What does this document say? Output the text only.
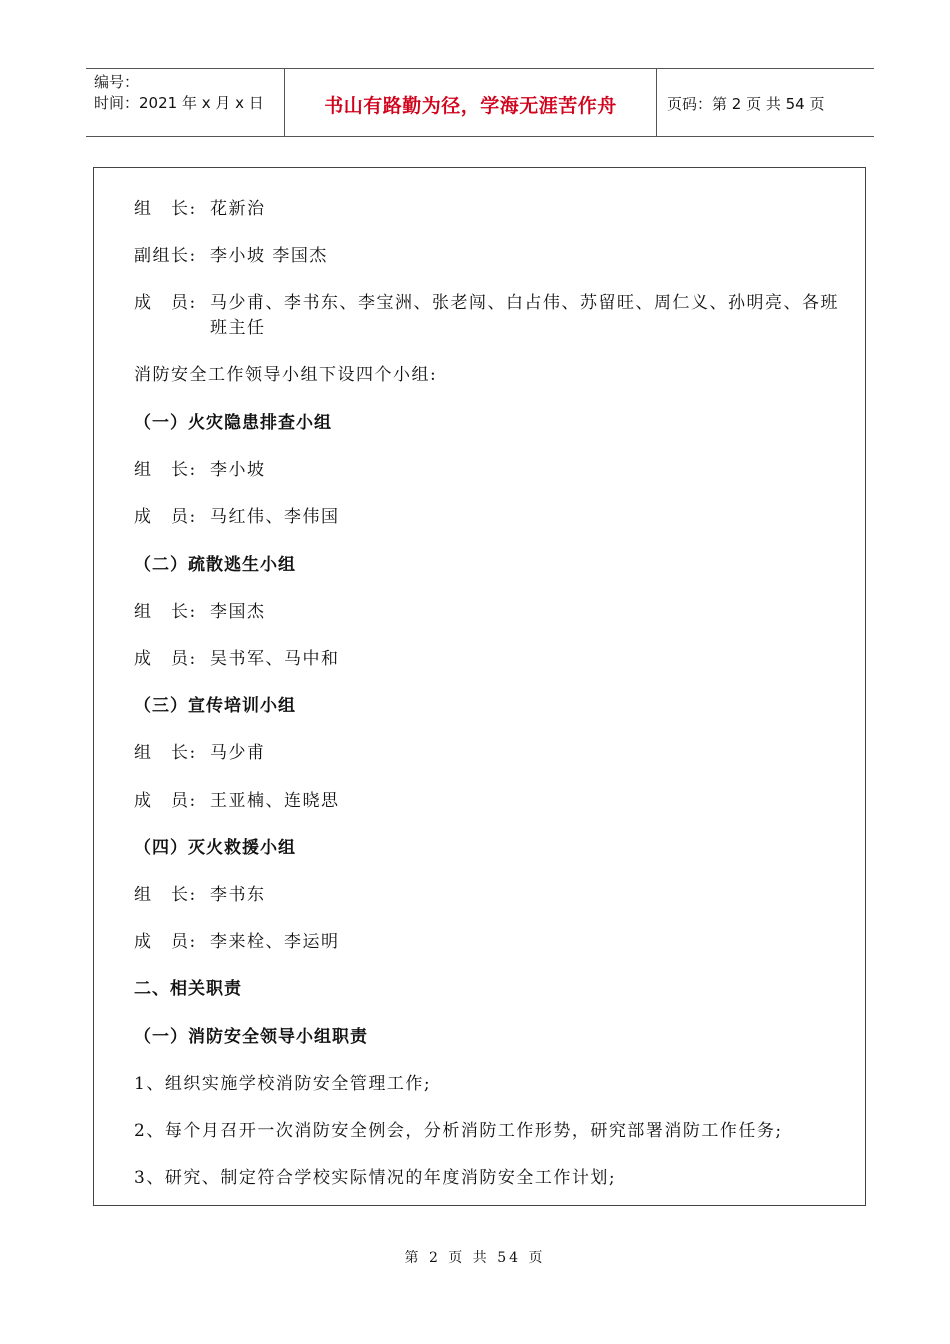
编号：
时间：2021 年 x 月 x 日	书山有路勤为径，学海无涯苦作舟	页码：第 2 页 共 54 页
组　长: 花新治
副组长: 李小坡 李国杰
成　员: 马少甫、李书东、李宝洲、张老闯、白占伟、苏留旺、周仁义、孙明亮、各班
班主任
消防安全工作领导小组下设四个小组:
（一）火灾隐患排查小组
组　长: 李小坡
成　员: 马红伟、李伟国
（二）疏散逃生小组
组　长: 李国杰
成　员: 吴书军、马中和
（三）宣传培训小组
组　长: 马少甫
成　员: 王亚楠、连晓思
（四）灭火救援小组
组　长: 李书东
成　员: 李来栓、李运明
二、相关职责
（一）消防安全领导小组职责
1、组织实施学校消防安全管理工作;
2、每个月召开一次消防安全例会，分析消防工作形势，研究部署消防工作任务;
3、研究、制定符合学校实际情况的年度消防安全工作计划;
第 2 页 共 54 页
